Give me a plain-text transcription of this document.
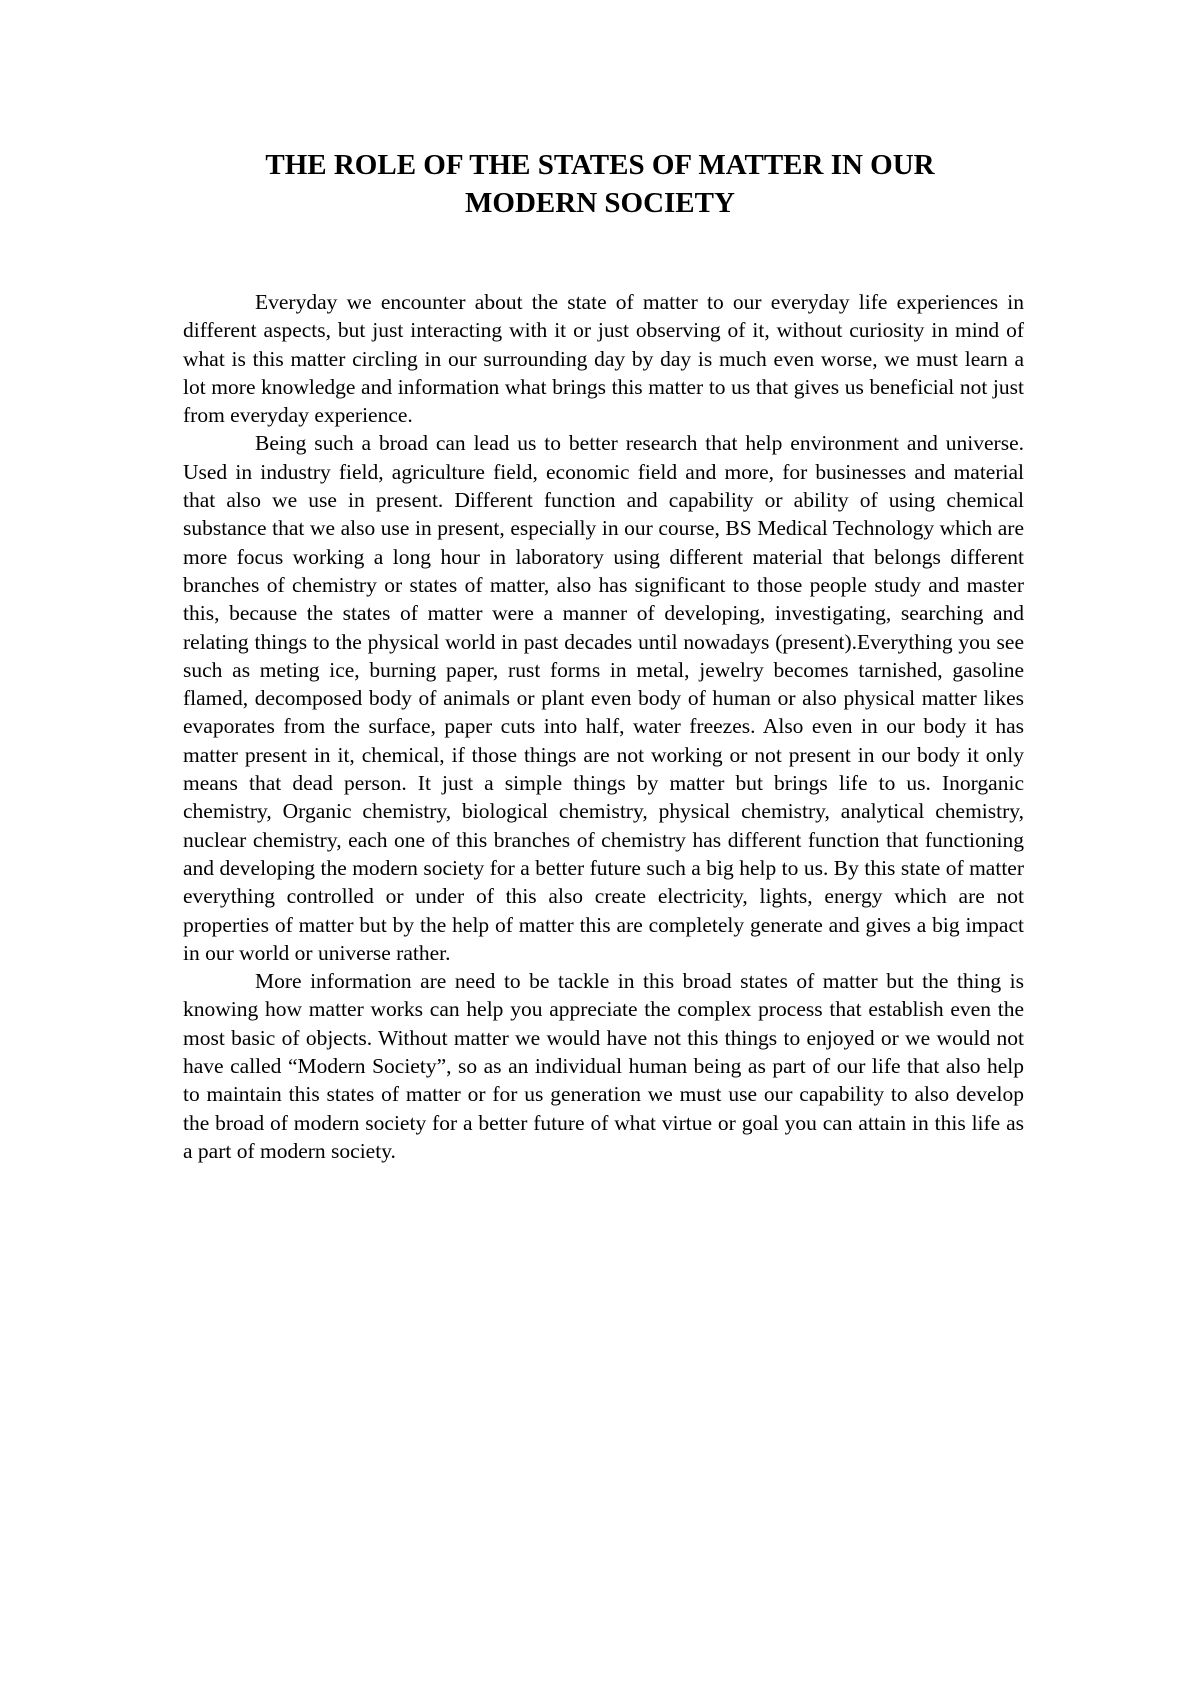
THE ROLE OF THE STATES OF MATTER IN OUR
MODERN SOCIETY

Everyday we encounter about the state of matter to our everyday life experiences in different aspects, but just interacting with it or just observing of it, without curiosity in mind of what is this matter circling in our surrounding day by day is much even worse, we must learn a lot more knowledge and information what brings this matter to us that gives us beneficial not just from everyday experience.

Being such a broad can lead us to better research that help environment and universe. Used in industry field, agriculture field, economic field and more, for businesses and material that also we use in present. Different function and capability or ability of using chemical substance that we also use in present, especially in our course, BS Medical Technology which are more focus working a long hour in laboratory using different material that belongs different branches of chemistry or states of matter, also has significant to those people study and master this, because the states of matter were a manner of developing, investigating, searching and relating things to the physical world in past decades until nowadays (present).Everything you see such as meting ice, burning paper, rust forms in metal, jewelry becomes tarnished, gasoline flamed, decomposed body of animals or plant even body of human or also physical matter likes evaporates from the surface, paper cuts into half, water freezes. Also even in our body it has matter present in it, chemical, if those things are not working or not present in our body it only means that dead person. It just a simple things by matter but brings life to us. Inorganic chemistry, Organic chemistry, biological chemistry, physical chemistry, analytical chemistry, nuclear chemistry, each one of this branches of chemistry has different function that functioning and developing the modern society for a better future such a big help to us. By this state of matter everything controlled or under of this also create electricity, lights, energy which are not properties of matter but by the help of matter this are completely generate and gives a big impact in our world or universe rather.

More information are need to be tackle in this broad states of matter but the thing is knowing how matter works can help you appreciate the complex process that establish even the most basic of objects. Without matter we would have not this things to enjoyed or we would not have called “Modern Society”, so as an individual human being as part of our life that also help to maintain this states of matter or for us generation we must use our capability to also develop the broad of modern society for a better future of what virtue or goal you can attain in this life as a part of modern society.
